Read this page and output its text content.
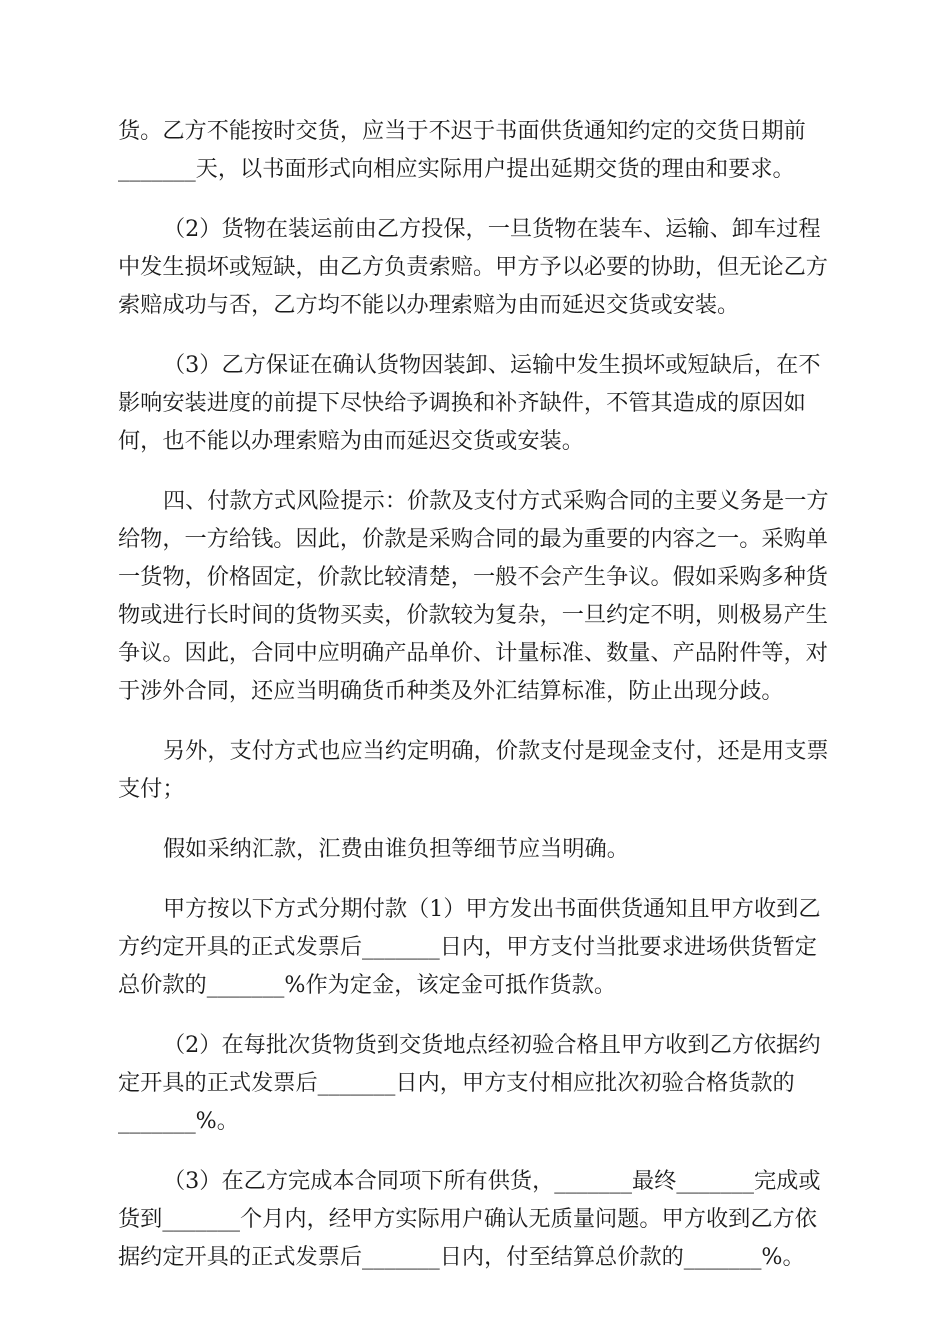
货。乙方不能按时交货，应当于不迟于书面供货通知约定的交货日期前
_______天，以书面形式向相应实际用户提出延期交货的理由和要求。
（2）货物在装运前由乙方投保，一旦货物在装车、运输、卸车过程
中发生损坏或短缺，由乙方负责索赔。甲方予以必要的协助，但无论乙方
索赔成功与否，乙方均不能以办理索赔为由而延迟交货或安装。
（3）乙方保证在确认货物因装卸、运输中发生损坏或短缺后，在不
影响安装进度的前提下尽快给予调换和补齐缺件，不管其造成的原因如
何，也不能以办理索赔为由而延迟交货或安装。
四、付款方式风险提示：价款及支付方式采购合同的主要义务是一方
给物，一方给钱。因此，价款是采购合同的最为重要的内容之一。采购单
一货物，价格固定，价款比较清楚，一般不会产生争议。假如采购多种货
物或进行长时间的货物买卖，价款较为复杂，一旦约定不明，则极易产生
争议。因此，合同中应明确产品单价、计量标准、数量、产品附件等，对
于涉外合同，还应当明确货币种类及外汇结算标准，防止出现分歧。
另外，支付方式也应当约定明确，价款支付是现金支付，还是用支票
支付；
假如采纳汇款，汇费由谁负担等细节应当明确。
甲方按以下方式分期付款（1）甲方发出书面供货通知且甲方收到乙
方约定开具的正式发票后_______日内，甲方支付当批要求进场供货暂定
总价款的_______%作为定金，该定金可抵作货款。
（2）在每批次货物货到交货地点经初验合格且甲方收到乙方依据约
定开具的正式发票后_______日内，甲方支付相应批次初验合格货款的
_______%。
（3）在乙方完成本合同项下所有供货，_______最终_______完成或
货到_______个月内，经甲方实际用户确认无质量问题。甲方收到乙方依
据约定开具的正式发票后_______日内，付至结算总价款的_______%。
